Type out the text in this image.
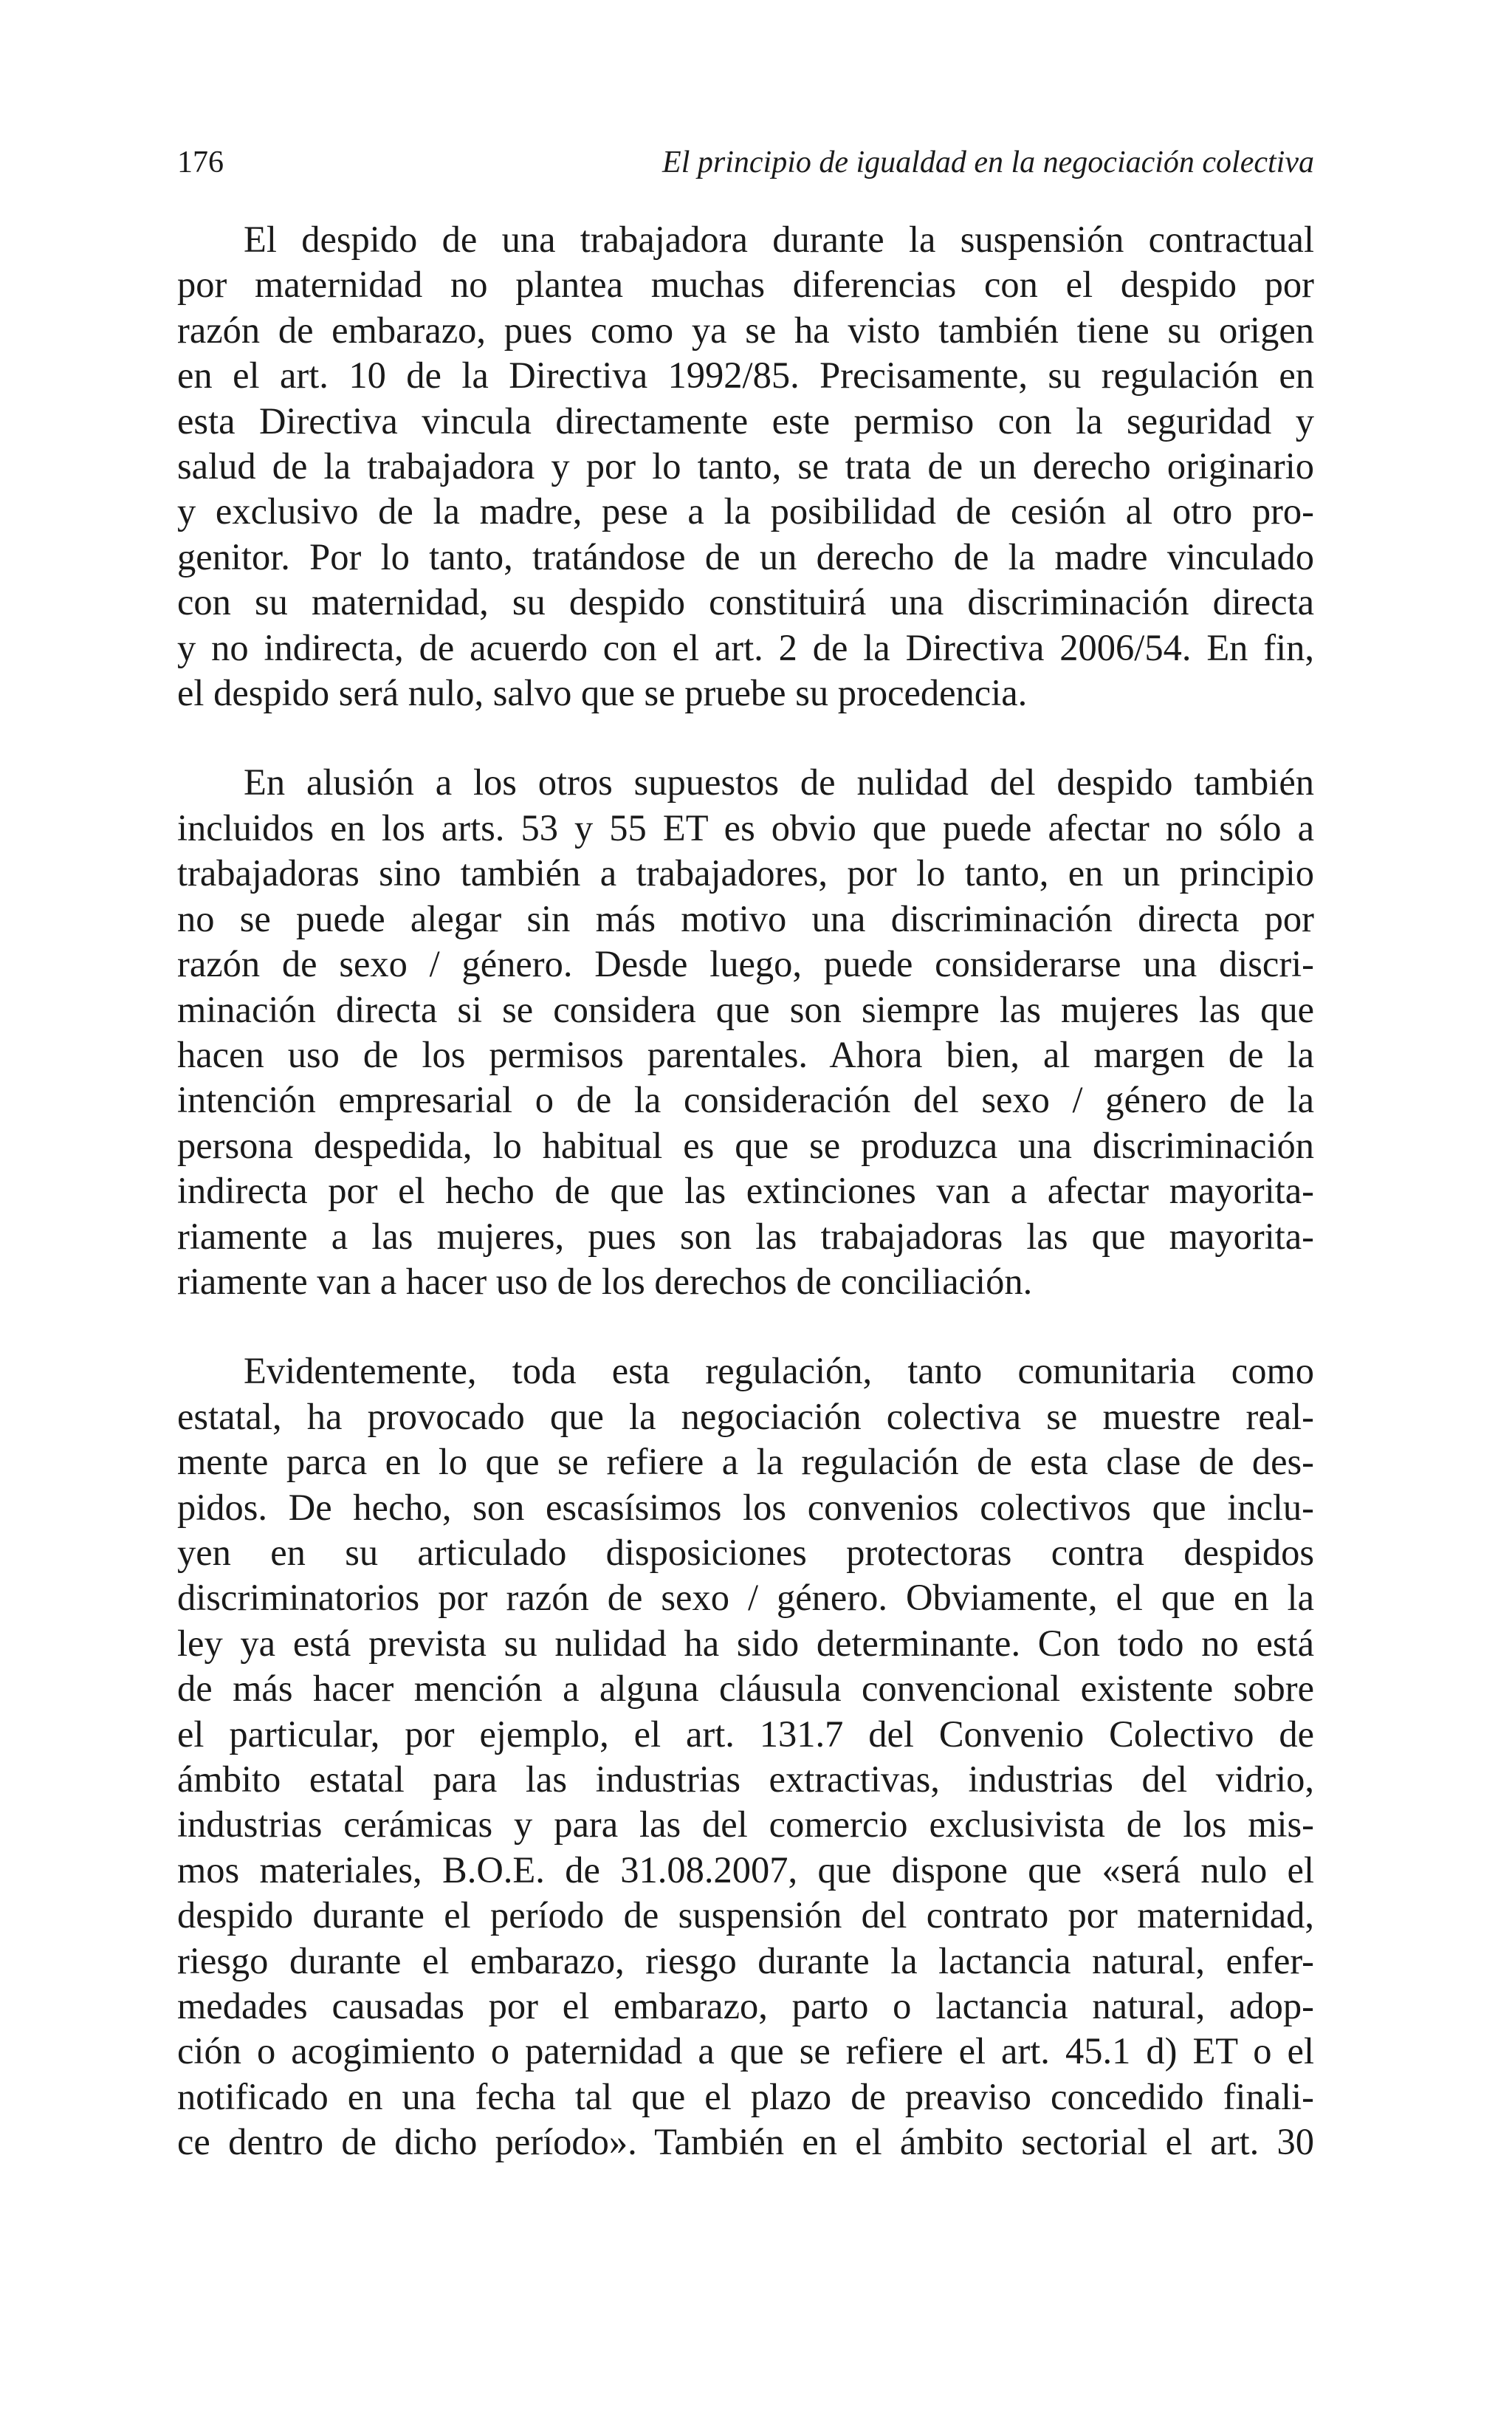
176	El principio de igualdad en la negociación colectiva
El despido de una trabajadora durante la suspensión contractual
por maternidad no plantea muchas diferencias con el despido por
razón de embarazo, pues como ya se ha visto también tiene su origen
en el art. 10 de la Directiva 1992/85. Precisamente, su regulación en
esta Directiva vincula directamente este permiso con la seguridad y
salud de la trabajadora y por lo tanto, se trata de un derecho originario
y exclusivo de la madre, pese a la posibilidad de cesión al otro pro-
genitor. Por lo tanto, tratándose de un derecho de la madre vinculado
con su maternidad, su despido constituirá una discriminación directa
y no indirecta, de acuerdo con el art. 2 de la Directiva 2006/54. En fin,
el despido será nulo, salvo que se pruebe su procedencia.
En alusión a los otros supuestos de nulidad del despido también
incluidos en los arts. 53 y 55 ET es obvio que puede afectar no sólo a
trabajadoras sino también a trabajadores, por lo tanto, en un principio
no se puede alegar sin más motivo una discriminación directa por
razón de sexo / género. Desde luego, puede considerarse una discri-
minación directa si se considera que son siempre las mujeres las que
hacen uso de los permisos parentales. Ahora bien, al margen de la
intención empresarial o de la consideración del sexo / género de la
persona despedida, lo habitual es que se produzca una discriminación
indirecta por el hecho de que las extinciones van a afectar mayorita-
riamente a las mujeres, pues son las trabajadoras las que mayorita-
riamente van a hacer uso de los derechos de conciliación.
Evidentemente, toda esta regulación, tanto comunitaria como
estatal, ha provocado que la negociación colectiva se muestre real-
mente parca en lo que se refiere a la regulación de esta clase de des-
pidos. De hecho, son escasísimos los convenios colectivos que inclu-
yen en su articulado disposiciones protectoras contra despidos
discriminatorios por razón de sexo / género. Obviamente, el que en la
ley ya está prevista su nulidad ha sido determinante. Con todo no está
de más hacer mención a alguna cláusula convencional existente sobre
el particular, por ejemplo, el art. 131.7 del Convenio Colectivo de
ámbito estatal para las industrias extractivas, industrias del vidrio,
industrias cerámicas y para las del comercio exclusivista de los mis-
mos materiales, B.O.E. de 31.08.2007, que dispone que «será nulo el
despido durante el período de suspensión del contrato por maternidad,
riesgo durante el embarazo, riesgo durante la lactancia natural, enfer-
medades causadas por el embarazo, parto o lactancia natural, adop-
ción o acogimiento o paternidad a que se refiere el art. 45.1 d) ET o el
notificado en una fecha tal que el plazo de preaviso concedido finali-
ce dentro de dicho período». También en el ámbito sectorial el art. 30
